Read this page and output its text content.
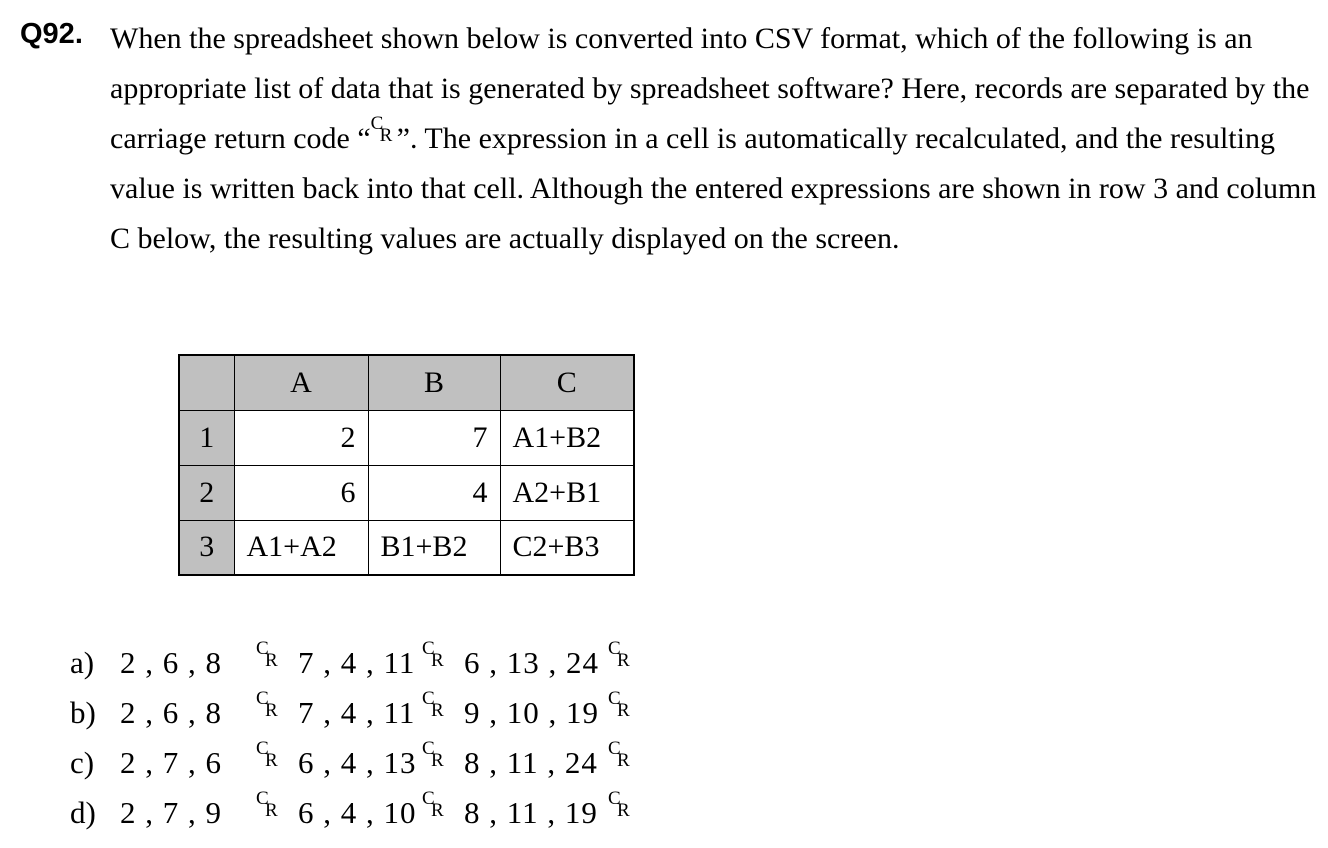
Q92. When the spreadsheet shown below is converted into CSV format, which of the following is an appropriate list of data that is generated by spreadsheet software? Here, records are separated by the carriage return code “ C
R ”. The expression in a cell is automatically recalculated, and the resulting value is written back into that cell. Although the entered expressions are shown in row 3 and column C below, the resulting values are actually displayed on the screen.
	A	B	C
1	2	7	A1+B2
2	6	4	A2+B1
3	A1+A2	B1+B2	C2+B3
a) 2 , 6 , 8	C
R 7 , 4 , 11 C
R 6 , 13 , 24 C
R
b) 2 , 6 , 8	C
R 7 , 4 , 11 C
R 9 , 10 , 19 C
R
c) 2 , 7 , 6	C
R 6 , 4 , 13 C
R 8 , 11 , 24 C
R
d) 2 , 7 , 9	C
R 6 , 4 , 10 C
R 8 , 11 , 19 C
R
